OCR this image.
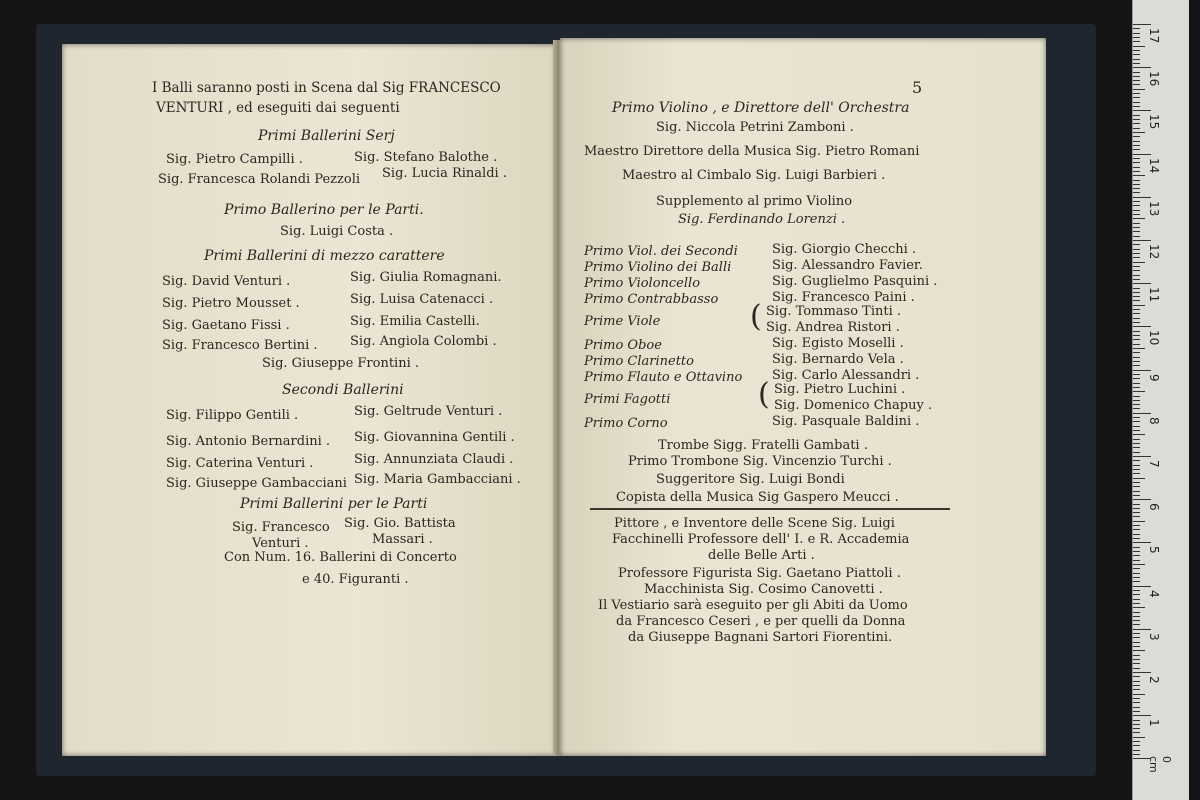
I Balli saranno posti in Scena dal Sig FRANCESCO
VENTURI , ed eseguiti dai seguenti
Primi Ballerini Serj
Sig. Pietro Campilli .	Sig. Stefano Balothe .
Sig. Francesca Rolandi Pezzoli Sig. Lucia Rinaldi .
Primo Ballerino per le Parti.
Sig. Luigi Costa .
Primi Ballerini di mezzo carattere
Sig. David Venturi .	Sig. Giulia Romagnani.
Sig. Pietro Mousset .	Sig. Luisa Catenacci .
Sig. Gaetano Fissi .	Sig. Emilia Castelli.
Sig. Francesco Bertini . Sig. Angiola Colombi .
Sig. Giuseppe Frontini .
Secondi Ballerini
Sig. Filippo Gentili .	Sig. Geltrude Venturi .
Sig. Antonio Bernardini . Sig. Giovannina Gentili .
Sig. Caterina Venturi .	Sig. Annunziata Claudi .
Sig. Giuseppe Gambacciani Sig. Maria Gambacciani .
Primi Ballerini per le Parti
Sig. Francesco Sig. Gio. Battista
Venturi .	Massari .
Con Num. 16. Ballerini di Concerto
e 40. Figuranti .
5
Primo Violino , e Direttore dell' Orchestra
Sig. Niccola Petrini Zamboni .
Maestro Direttore della Musica Sig. Pietro Romani
Maestro al Cimbalo Sig. Luigi Barbieri .
Supplemento al primo Violino
Sig. Ferdinando Lorenzi .
Primo Viol. dei Secondi	Sig. Giorgio Checchi .
Primo Violino dei Balli	Sig. Alessandro Favier.
Primo Violoncello	Sig. Guglielmo Pasquini .
Primo Contrabbasso	Sig. Francesco Paini .
Prime Viole	( Sig. Tommaso Tinti .
Sig. Andrea Ristori .
Primo Oboe	Sig. Egisto Moselli .
Primo Clarinetto	Sig. Bernardo Vela .
Primo Flauto e Ottavino Sig. Carlo Alessandri .
Primi Fagotti	( Sig. Pietro Luchini .
Sig. Domenico Chapuy .
Primo Corno	Sig. Pasquale Baldini .
Trombe Sigg. Fratelli Gambati .
Primo Trombone Sig. Vincenzio Turchi .
Suggeritore Sig. Luigi Bondi
Copista della Musica Sig Gaspero Meucci .
Pittore , e Inventore delle Scene Sig. Luigi
Facchinelli Professore dell' I. e R. Accademia
delle Belle Arti .
Professore Figurista Sig. Gaetano Piattoli .
Macchinista Sig. Cosimo Canovetti .
Il Vestiario sarà eseguito per gli Abiti da Uomo
da Francesco Ceseri , e per quelli da Donna
da Giuseppe Bagnani Sartori Fiorentini.
17
16
15
14
13
12
11
10
9
8
7
6
5
4
3
2
1
0 cm
